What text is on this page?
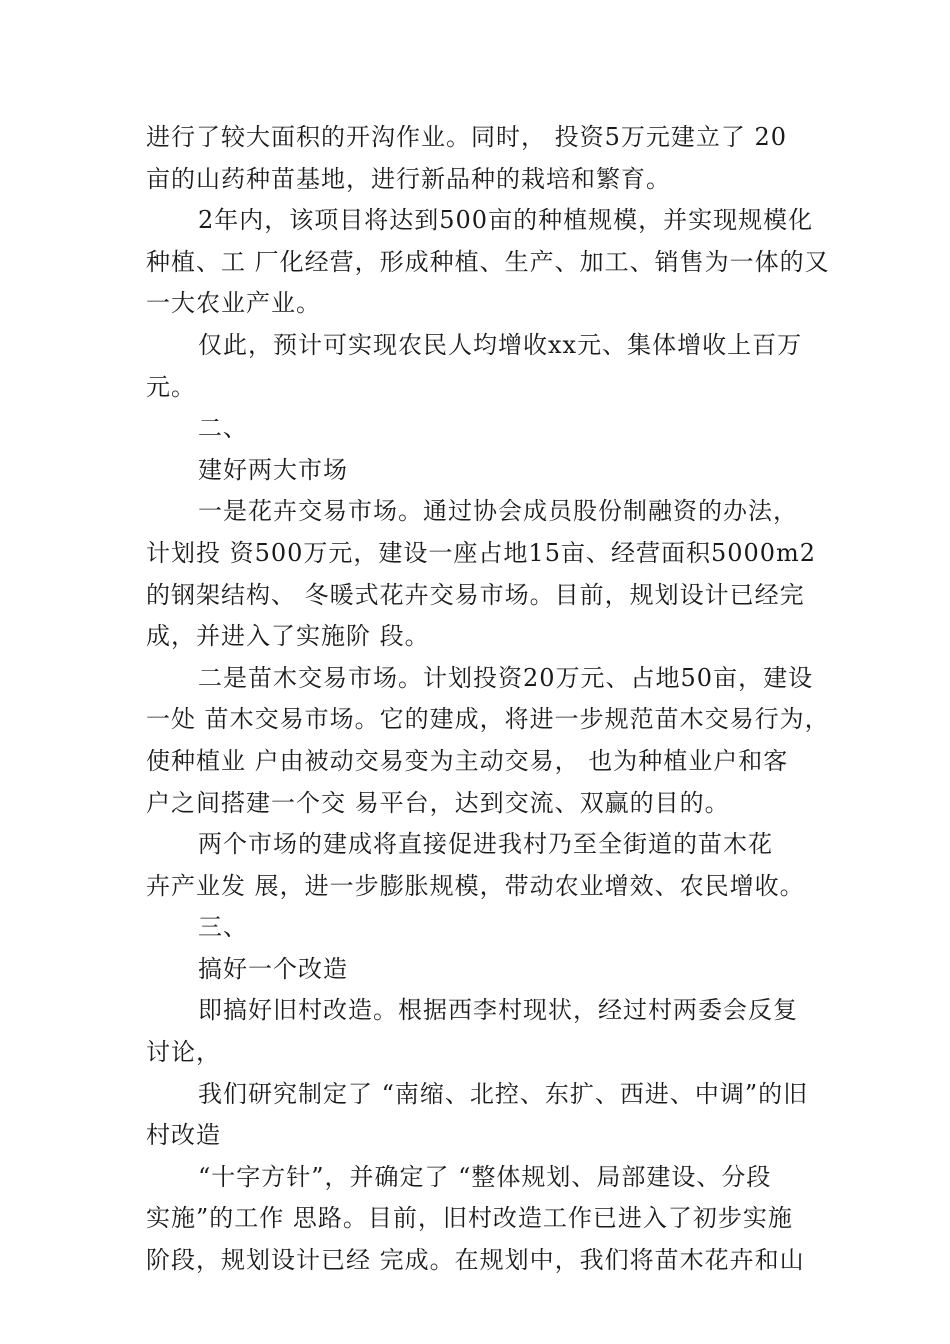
进行了较大面积的开沟作业。同时， 投资5万元建立了 20
亩的山药种苗基地，进行新品种的栽培和繁育。
2年内，该项目将达到500亩的种植规模，并实现规模化
种植、工 厂化经营，形成种植、生产、加工、销售为一体的又
一大农业产业。
仅此，预计可实现农民人均增收xx元、集体增收上百万
元。
二、
建好两大市场
一是花卉交易市场。通过协会成员股份制融资的办法，
计划投 资500万元，建设一座占地15亩、经营面积5000m2
的钢架结构、 冬暖式花卉交易市场。目前，规划设计已经完
成，并进入了实施阶 段。
二是苗木交易市场。计划投资20万元、占地50亩，建设
一处 苗木交易市场。它的建成，将进一步规范苗木交易行为，
使种植业 户由被动交易变为主动交易， 也为种植业户和客
户之间搭建一个交 易平台，达到交流、双赢的目的。
两个市场的建成将直接促进我村乃至全街道的苗木花
卉产业发 展，进一步膨胀规模，带动农业增效、农民增收。
三、
搞好一个改造
即搞好旧村改造。根据西李村现状，经过村两委会反复
讨论，
我们研究制定了 “南缩、北控、东扩、西进、中调”的旧
村改造
“十字方针”，并确定了 “整体规划、局部建设、分段
实施”的工作 思路。目前，旧村改造工作已进入了初步实施
阶段，规划设计已经 完成。在规划中，我们将苗木花卉和山
